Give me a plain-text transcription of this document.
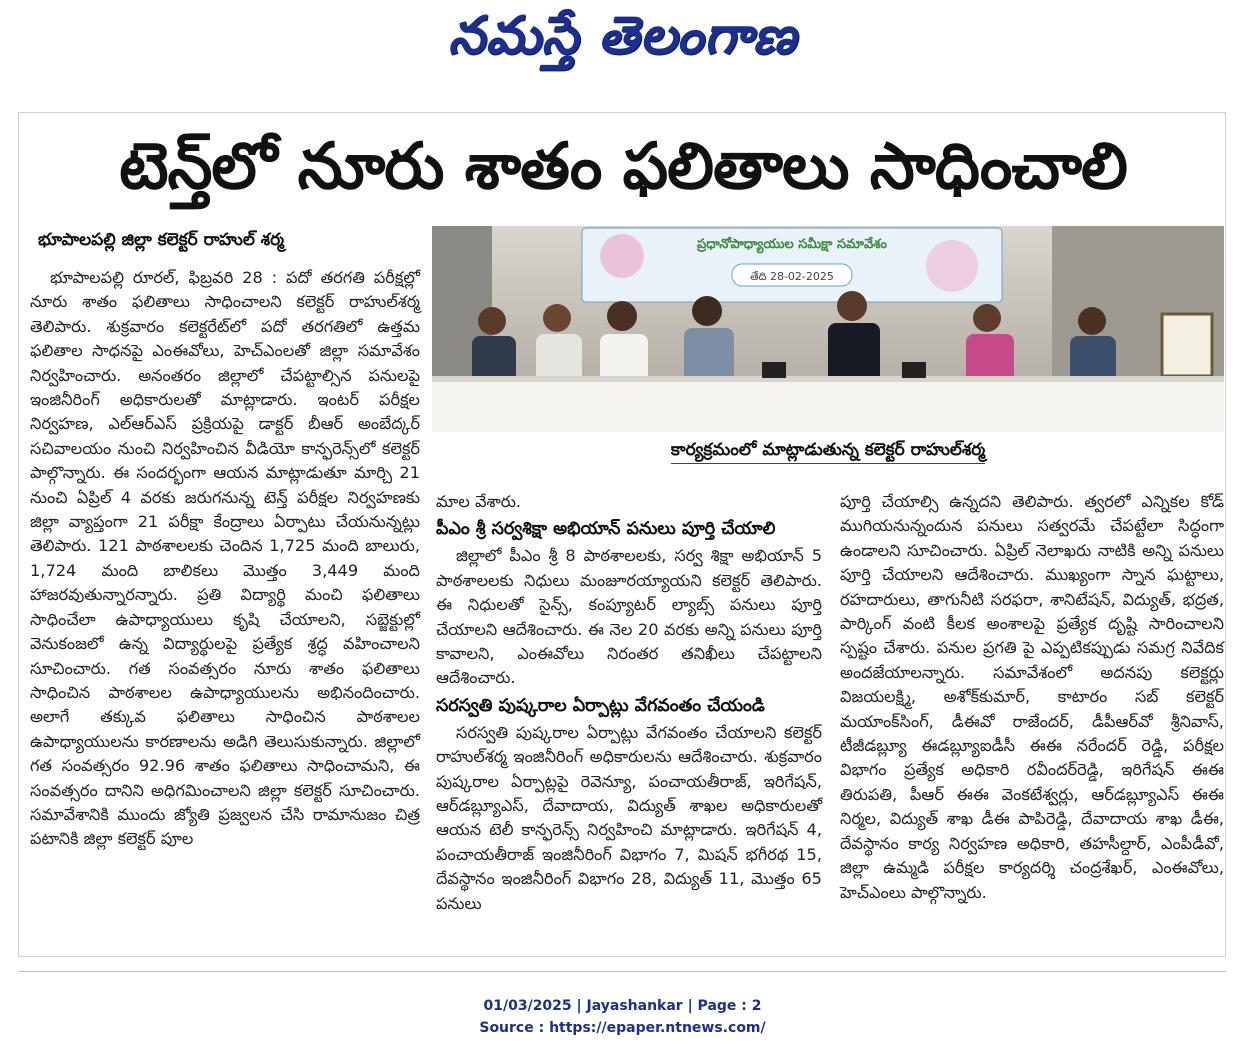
నమస్తే తెలంగాణ
టెన్త్‌లో నూరు శాతం ఫలితాలు సాధించాలి
భూపాలపల్లి జిల్లా కలెక్టర్ రాహుల్ శర్మ

భూపాలపల్లి రూరల్, ఫిబ్రవరి 28 : పదో తరగతి పరీక్షల్లో నూరు శాతం ఫలితాలు సాధించాలని కలెక్టర్ రాహుల్‌శర్మ తెలిపారు. శుక్రవారం కలెక్టరేట్‌లో పదో తరగతిలో ఉత్తమ ఫలితాల సాధనపై ఎంఈవోలు, హెచ్‌ఎంలతో జిల్లా సమావేశం నిర్వహించారు. అనంతరం జిల్లాలో చేపట్టాల్సిన పనులపై ఇంజినీరింగ్ అధికారులతో మాట్లాడారు. ఇంటర్ పరీక్షల నిర్వహణ, ఎల్‌ఆర్‌ఎస్ ప్రక్రియపై డాక్టర్ బీఆర్ అంబేద్కర్ సచివాలయం నుంచి నిర్వహించిన వీడియో కాన్ఫరెన్స్‌లో కలెక్టర్ పాల్గొన్నారు. ఈ సందర్భంగా ఆయన మాట్లాడుతూ మార్చి 21 నుంచి ఏప్రిల్ 4 వరకు జరుగనున్న టెన్త్ పరీక్షల నిర్వహణకు జిల్లా వ్యాప్తంగా 21 పరీక్షా కేంద్రాలు ఏర్పాటు చేయనున్నట్లు తెలిపారు. 121 పాఠశాలలకు చెందిన 1,725 మంది బాలురు, 1,724 మంది బాలికలు మొత్తం 3,449 మంది హాజరవుతున్నారన్నారు. ప్రతి విద్యార్థి మంచి ఫలితాలు సాధించేలా ఉపాధ్యాయులు కృషి చేయాలని, సబ్జెక్టుల్లో వెనుకంజలో ఉన్న విద్యార్థులపై ప్రత్యేక శ్రద్ధ వహించాలని సూచించారు. గత సంవత్సరం నూరు శాతం ఫలితాలు సాధించిన పాఠశాలల ఉపాధ్యాయులను అభినందించారు. అలాగే తక్కువ ఫలితాలు సాధించిన పాఠశాలల ఉపాధ్యాయులను కారణాలను అడిగి తెలుసుకున్నారు. జిల్లాలో గత సంవత్సరం 92.96 శాతం ఫలితాలు సాధించామని, ఈ సంవత్సరం దానిని అధిగమించాలని జిల్లా కలెక్టర్ సూచించారు. సమావేశానికి ముందు జ్యోతి ప్రజ్వలన చేసి రామానుజం చిత్ర పటానికి జిల్లా కలెక్టర్ పూల

ప్రధానోపాధ్యాయుల సమీక్షా సమావేశం
తేది 28-02-2025
కార్యక్రమంలో మాట్లాడుతున్న కలెక్టర్ రాహుల్‌శర్మ

మాల వేశారు.

పీఎం శ్రీ సర్వశిక్షా అభియాన్ పనులు పూర్తి చేయాలి

జిల్లాలో పీఎం శ్రీ 8 పాఠశాలలకు, సర్వ శిక్షా అభియాన్ 5 పాఠశాలలకు నిధులు మంజూరయ్యాయని కలెక్టర్ తెలిపారు. ఈ నిధులతో సైన్స్, కంప్యూటర్ ల్యాబ్స్ పనులు పూర్తి చేయాలని ఆదేశించారు. ఈ నెల 20 వరకు అన్ని పనులు పూర్తి కావాలని, ఎంఈవోలు నిరంతర తనిఖీలు చేపట్టాలని ఆదేశించారు.

సరస్వతి పుష్కరాల ఏర్పాట్లు వేగవంతం చేయండి

సరస్వతి పుష్కరాల ఏర్పాట్లు వేగవంతం చేయాలని కలెక్టర్ రాహుల్‌శర్మ ఇంజినీరింగ్ అధికారులను ఆదేశించారు. శుక్రవారం పుష్కరాల ఏర్పాట్లపై రెవెన్యూ, పంచాయతీరాజ్, ఇరిగేషన్, ఆర్‌డబ్ల్యూఎస్, దేవాదాయ, విద్యుత్ శాఖల అధికారులతో ఆయన టెలీ కాన్ఫరెన్స్ నిర్వహించి మాట్లాడారు. ఇరిగేషన్ 4, పంచాయతీరాజ్ ఇంజినీరింగ్ విభాగం 7, మిషన్ భగీరథ 15, దేవస్థానం ఇంజినీరింగ్ విభాగం 28, విద్యుత్ 11, మొత్తం 65 పనులు

పూర్తి చేయాల్సి ఉన్నదని తెలిపారు. త్వరలో ఎన్నికల కోడ్ ముగియనున్నందున పనులు సత్వరమే చేపట్టేలా సిద్ధంగా ఉండాలని సూచించారు. ఏప్రిల్ నెలాఖరు నాటికి అన్ని పనులు పూర్తి చేయాలని ఆదేశించారు. ముఖ్యంగా స్నాన ఘట్టాలు, రహదారులు, తాగునీటి సరఫరా, శానిటేషన్, విద్యుత్, భద్రత, పార్కింగ్ వంటి కీలక అంశాలపై ప్రత్యేక దృష్టి సారించాలని స్పష్టం చేశారు. పనుల ప్రగతి పై ఎప్పటికప్పుడు సమగ్ర నివేదిక అందజేయాలన్నారు. సమావేశంలో అదనపు కలెక్టర్లు విజయలక్ష్మి, అశోక్‌కుమార్, కాటారం సబ్ కలెక్టర్ మయాంక్‌సింగ్, డీఈవో రాజేందర్, డీపీఆర్‌వో శ్రీనివాస్, టీజీడబ్ల్యూ ఈడబ్ల్యూఐడీసీ ఈఈ నరేందర్ రెడ్డి, పరీక్షల విభాగం ప్రత్యేక అధికారి రవీందర్‌రెడ్డి, ఇరిగేషన్ ఈఈ తిరుపతి, పీఆర్ ఈఈ వెంకటేశ్వర్లు, ఆర్‌డబ్ల్యూఎస్ ఈఈ నిర్మల, విద్యుత్ శాఖ డీఈ పాపిరెడ్డి, దేవాదాయ శాఖ డీఈ, దేవస్థానం కార్య నిర్వహణ అధికారి, తహసీల్దార్, ఎంపీడీవో, జిల్లా ఉమ్మడి పరీక్షల కార్యదర్శి చంద్రశేఖర్, ఎంఈవోలు, హెచ్‌ఎంలు పాల్గొన్నారు.

01/03/2025 | Jayashankar | Page : 2
Source : https://epaper.ntnews.com/
